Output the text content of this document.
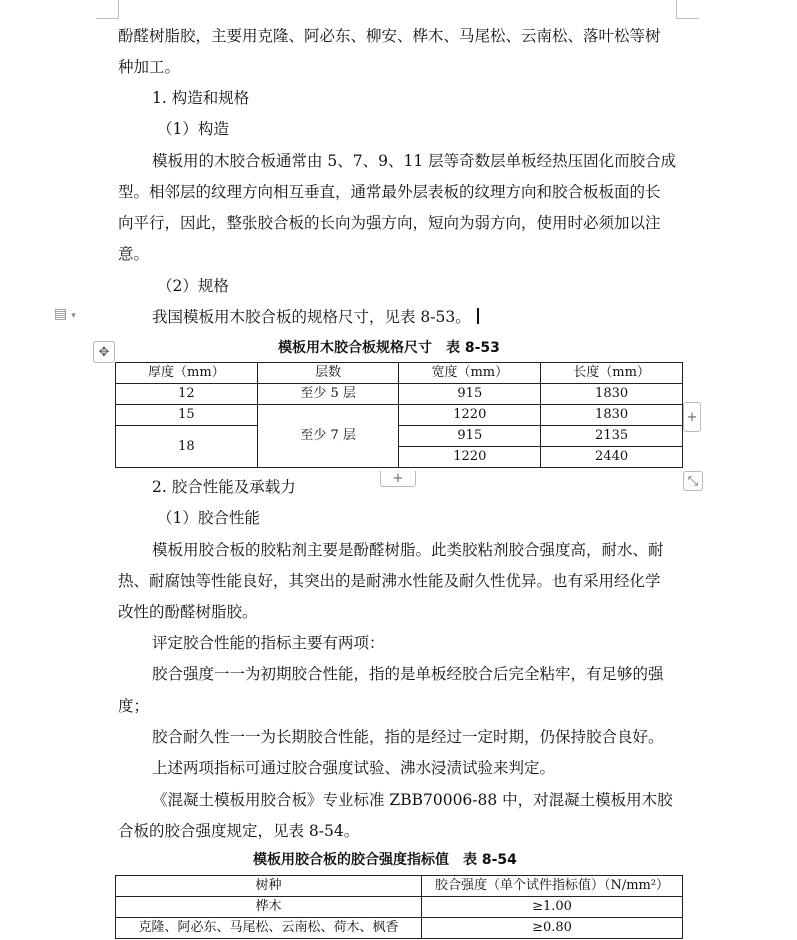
酚醛树脂胶，主要用克隆、阿必东、柳安、桦木、马尾松、云南松、落叶松等树
种加工。
1. 构造和规格
（1）构造
模板用的木胶合板通常由 5、7、9、11 层等奇数层单板经热压固化而胶合成
型。相邻层的纹理方向相互垂直，通常最外层表板的纹理方向和胶合板板面的长
向平行，因此，整张胶合板的长向为强方向，短向为弱方向，使用时必须加以注
意。
（2）规格
▤ ▾	我国模板用木胶合板的规格尺寸，见表 8-53。
✥	模板用木胶合板规格尺寸　表 8-53
厚度（mm）	层数	宽度（mm）	长度（mm）
12	至少 5 层	915	1830
15	至少 7 层	1220	1830
18		915	2135
		1220	2440
+
+	⤡
2. 胶合性能及承载力
（1）胶合性能
模板用胶合板的胶粘剂主要是酚醛树脂。此类胶粘剂胶合强度高，耐水、耐
热、耐腐蚀等性能良好，其突出的是耐沸水性能及耐久性优异。也有采用经化学
改性的酚醛树脂胶。
评定胶合性能的指标主要有两项：
胶合强度一一为初期胶合性能，指的是单板经胶合后完全粘牢，有足够的强
度；
胶合耐久性一一为长期胶合性能，指的是经过一定时期，仍保持胶合良好。
上述两项指标可通过胶合强度试验、沸水浸渍试验来判定。
《混凝土模板用胶合板》专业标准 ZBB70006-88 中，对混凝土模板用木胶
合板的胶合强度规定，见表 8-54。
模板用胶合板的胶合强度指标值　表 8-54
树种	胶合强度（单个试件指标值）（N/mm²）
桦木	≥1.00
克隆、阿必东、马尾松、云南松、荷木、枫香	≥0.80
